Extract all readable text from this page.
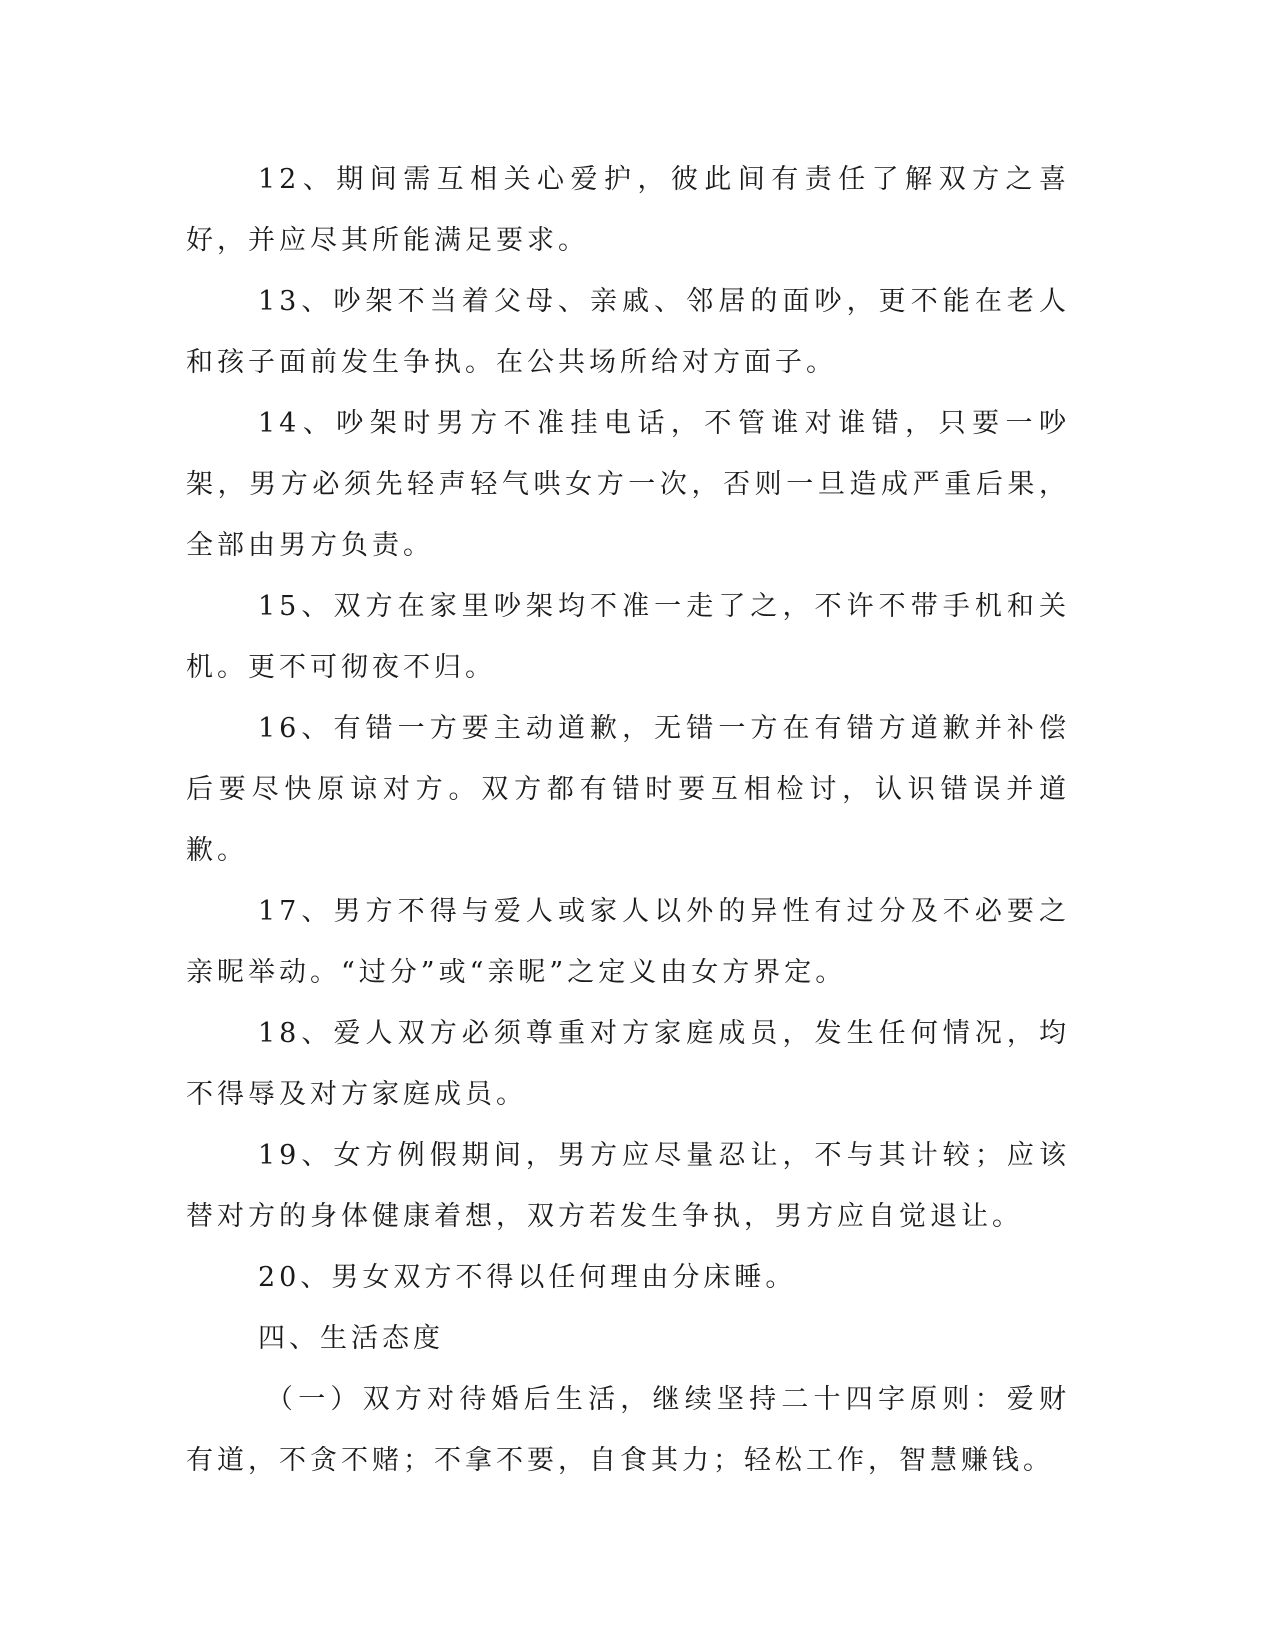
12、期间需互相关心爱护，彼此间有责任了解双方之喜好，并应尽其所能满足要求。

13、吵架不当着父母、亲戚、邻居的面吵，更不能在老人和孩子面前发生争执。在公共场所给对方面子。

14、吵架时男方不准挂电话，不管谁对谁错，只要一吵架，男方必须先轻声轻气哄女方一次，否则一旦造成严重后果，全部由男方负责。

15、双方在家里吵架均不准一走了之，不许不带手机和关机。更不可彻夜不归。

16、有错一方要主动道歉，无错一方在有错方道歉并补偿后要尽快原谅对方。双方都有错时要互相检讨，认识错误并道歉。

17、男方不得与爱人或家人以外的异性有过分及不必要之亲昵举动。“过分”或“亲昵”之定义由女方界定。

18、爱人双方必须尊重对方家庭成员，发生任何情况，均不得辱及对方家庭成员。

19、女方例假期间，男方应尽量忍让，不与其计较；应该替对方的身体健康着想，双方若发生争执，男方应自觉退让。

20、男女双方不得以任何理由分床睡。

四、生活态度

（一）双方对待婚后生活，继续坚持二十四字原则：爱财有道，不贪不赌；不拿不要，自食其力；轻松工作，智慧赚钱。
